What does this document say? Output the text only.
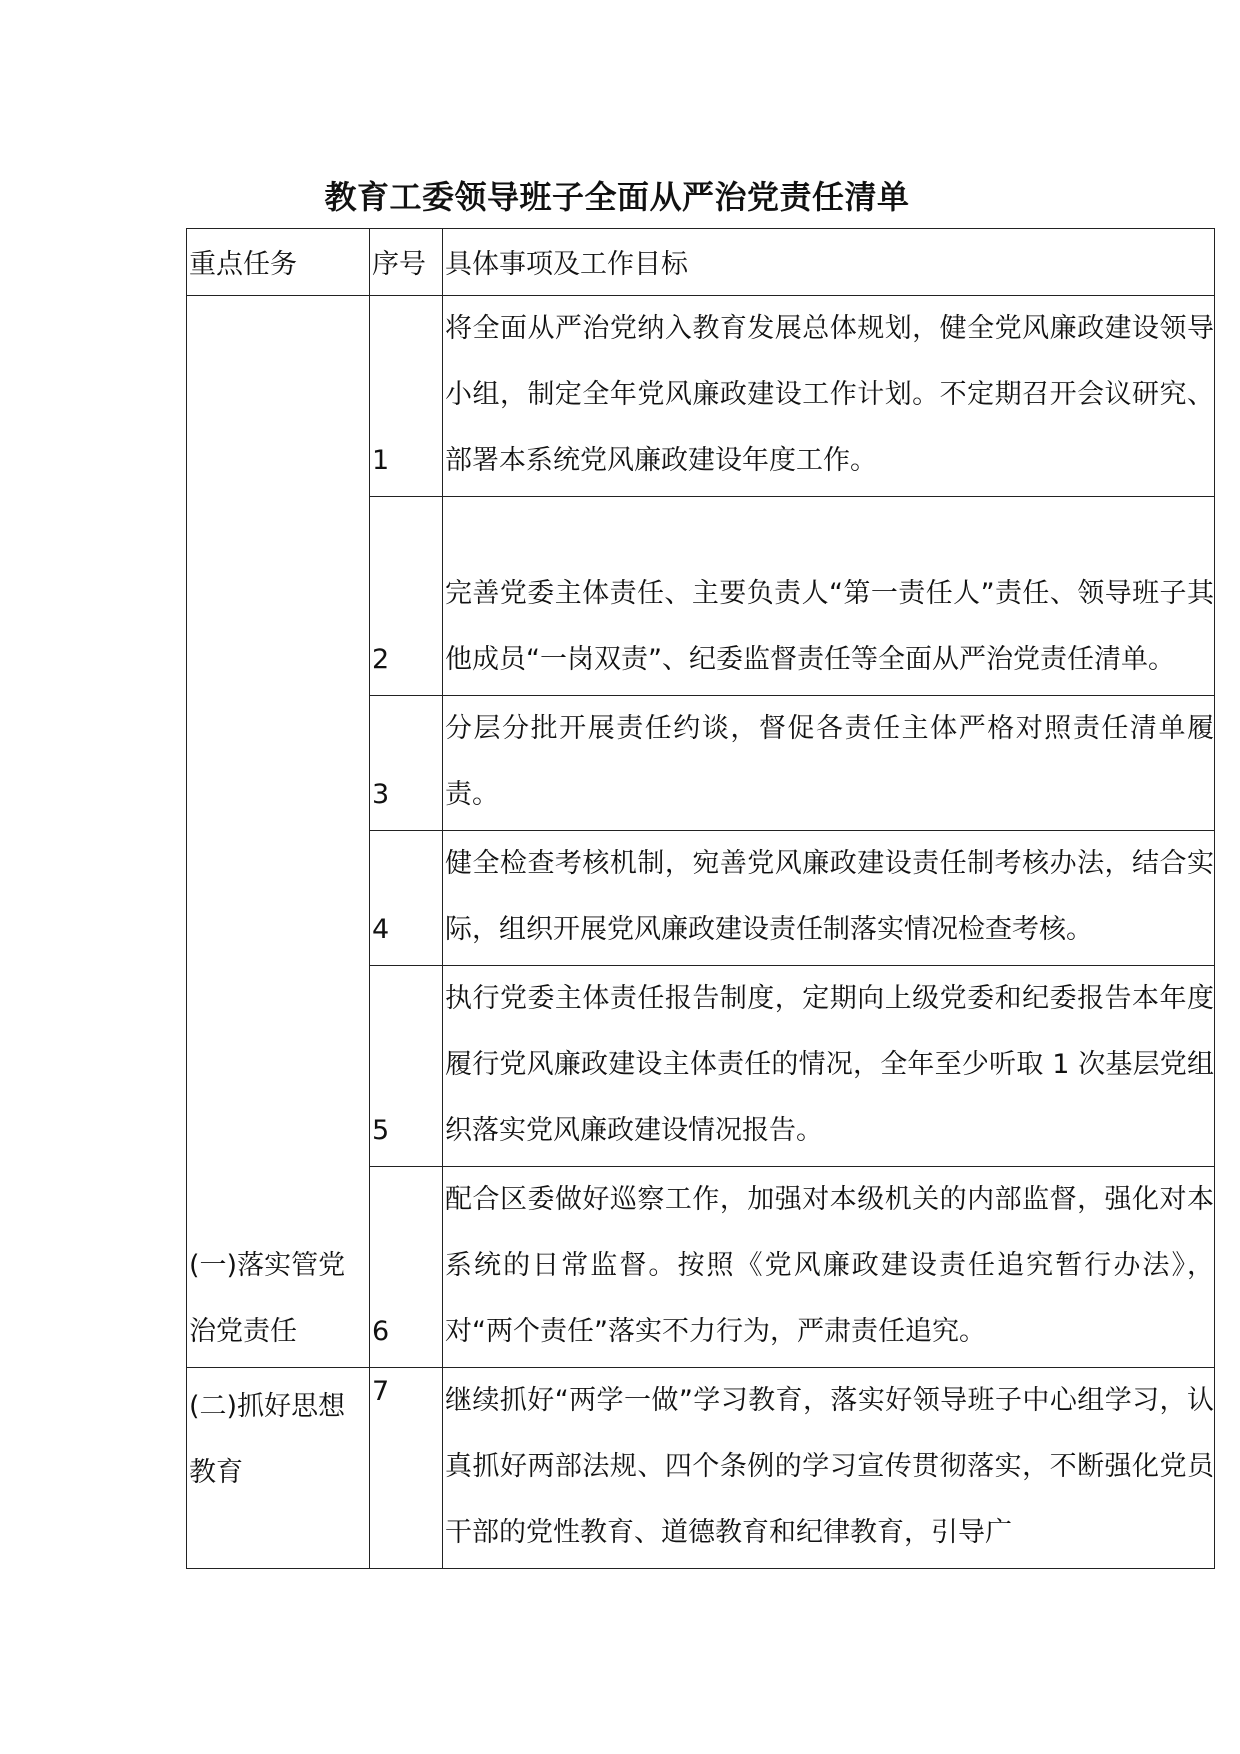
教育工委领导班子全面从严治党责任清单
重点任务	序号	具体事项及工作目标

(一)落实管党治党责任	1	将全面从严治党纳入教育发展总体规划，健全党风廉政建设领导小组，制定全年党风廉政建设工作计划。不定期召开会议研究、部署本系统党风廉政建设年度工作。
	2	完善党委主体责任、主要负责人“第一责任人”责任、领导班子其他成员“一岗双责”、纪委监督责任等全面从严治党责任清单。
	3	分层分批开展责任约谈，督促各责任主体严格对照责任清单履责。
	4	健全检查考核机制，宛善党风廉政建设责任制考核办法，结合实际，组织开展党风廉政建设责任制落实情况检查考核。
	5	执行党委主体责任报告制度，定期向上级党委和纪委报告本年度履行党风廉政建设主体责任的情况，全年至少听取 1 次基层党组织落实党风廉政建设情况报告。
	6	配合区委做好巡察工作，加强对本级机关的内部监督，强化对本系统的日常监督。按照《党风廉政建设责任追究暂行办法》，对“两个责任”落实不力行为，严肃责任追究。

(二)抓好思想教育	7	继续抓好“两学一做”学习教育，落实好领导班子中心组学习，认真抓好两部法规、四个条例的学习宣传贯彻落实，不断强化党员干部的党性教育、道德教育和纪律教育，引导广
